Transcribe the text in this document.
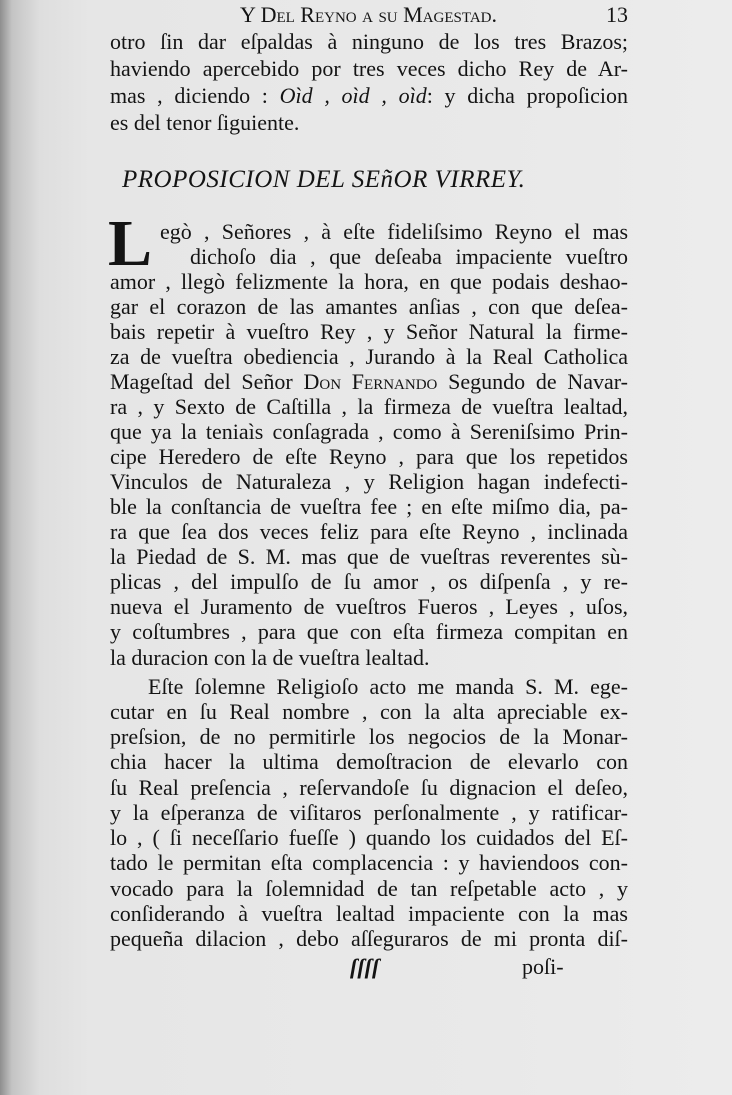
Y Del Reyno a su Magestad.	13
otro ſin dar eſpaldas à ninguno de los tres Brazos;
haviendo apercebido por tres veces dicho Rey de Ar-
mas , diciendo : Oìd , oìd , oìd: y dicha propoſicion
es del tenor ſiguiente.
PROPOSICION DEL SEñOR VIRREY.
L egò , Señores , à eſte fideliſsimo Reyno el mas
dichoſo dia , que deſeaba impaciente vueſtro
amor , llegò felizmente la hora, en que podais deshao-
gar el corazon de las amantes anſias , con que deſea-
bais repetir à vueſtro Rey , y Señor Natural la firme-
za de vueſtra obediencia , Jurando à la Real Catholica
Mageſtad del Señor Don Fernando Segundo de Navar-
ra , y Sexto de Caſtilla , la firmeza de vueſtra lealtad,
que ya la teniaìs conſagrada , como à Sereniſsimo Prin-
cipe Heredero de eſte Reyno , para que los repetidos
Vinculos de Naturaleza , y Religion hagan indefecti-
ble la conſtancia de vueſtra fee ; en eſte miſmo dia, pa-
ra que ſea dos veces feliz para eſte Reyno , inclinada
la Piedad de S. M. mas que de vueſtras reverentes sù-
plicas , del impulſo de ſu amor , os diſpenſa , y re-
nueva el Juramento de vueſtros Fueros , Leyes , uſos,
y coſtumbres , para que con eſta firmeza compitan en
la duracion con la de vueſtra lealtad.
Eſte ſolemne Religioſo acto me manda S. M. ege-
cutar en ſu Real nombre , con la alta apreciable ex-
preſsion, de no permitirle los negocios de la Monar-
chia hacer la ultima demoſtracion de elevarlo con
ſu Real preſencia , reſervandoſe ſu dignacion el deſeo,
y la eſperanza de viſitaros perſonalmente , y ratificar-
lo , ( ſi neceſſario fueſſe ) quando los cuidados del Eſ-
tado le permitan eſta complacencia : y haviendoos con-
vocado para la ſolemnidad de tan reſpetable acto , y
conſiderando à vueſtra lealtad impaciente con la mas
pequeña dilacion , debo aſſeguraros de mi pronta diſ-
ſſſſ	poſi-
